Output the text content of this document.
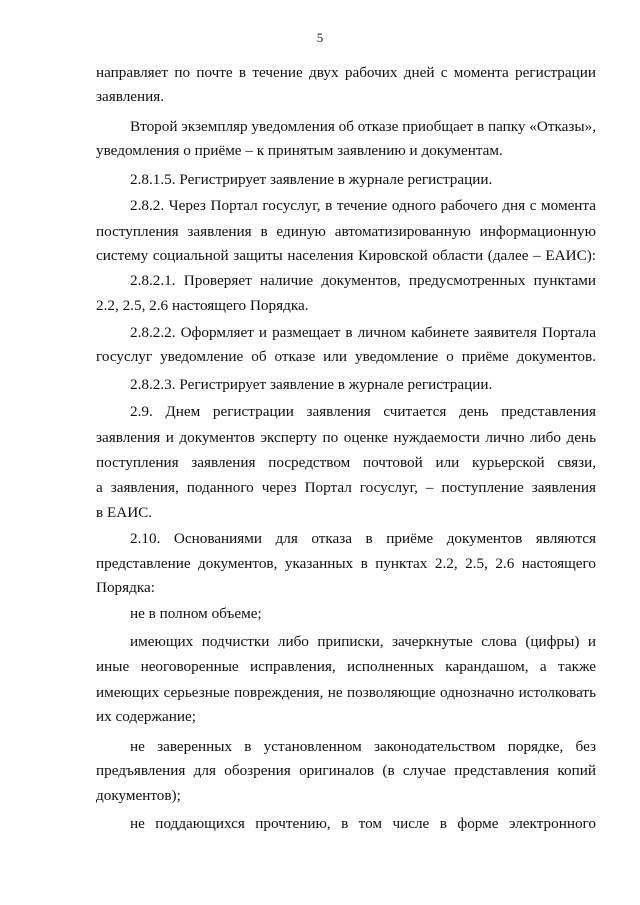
5
направляет по почте в течение двух рабочих дней с момента регистрации
заявления.
Второй экземпляр уведомления об отказе приобщает в папку «Отказы»,
уведомления о приёме – к принятым заявлению и документам.
2.8.1.5. Регистрирует заявление в журнале регистрации.
2.8.2. Через Портал госуслуг, в течение одного рабочего дня с момента
поступления заявления в единую автоматизированную информационную
систему социальной защиты населения Кировской области (далее – ЕАИС):
2.8.2.1. Проверяет наличие документов, предусмотренных пунктами
2.2, 2.5, 2.6 настоящего Порядка.
2.8.2.2. Оформляет и размещает в личном кабинете заявителя Портала
госуслуг уведомление об отказе или уведомление о приёме документов.
2.8.2.3. Регистрирует заявление в журнале регистрации.
2.9. Днем регистрации заявления считается день представления
заявления и документов эксперту по оценке нуждаемости лично либо день
поступления заявления посредством почтовой или курьерской связи,
а заявления, поданного через Портал госуслуг, – поступление заявления
в ЕАИС.
2.10. Основаниями для отказа в приёме документов являются
представление документов, указанных в пунктах 2.2, 2.5, 2.6 настоящего
Порядка:
не в полном объеме;
имеющих подчистки либо приписки, зачеркнутые слова (цифры) и
иные неоговоренные исправления, исполненных карандашом, а также
имеющих серьезные повреждения, не позволяющие однозначно истолковать
их содержание;
не заверенных в установленном законодательством порядке, без
предъявления для обозрения оригиналов (в случае представления копий
документов);
не поддающихся прочтению, в том числе в форме электронного
